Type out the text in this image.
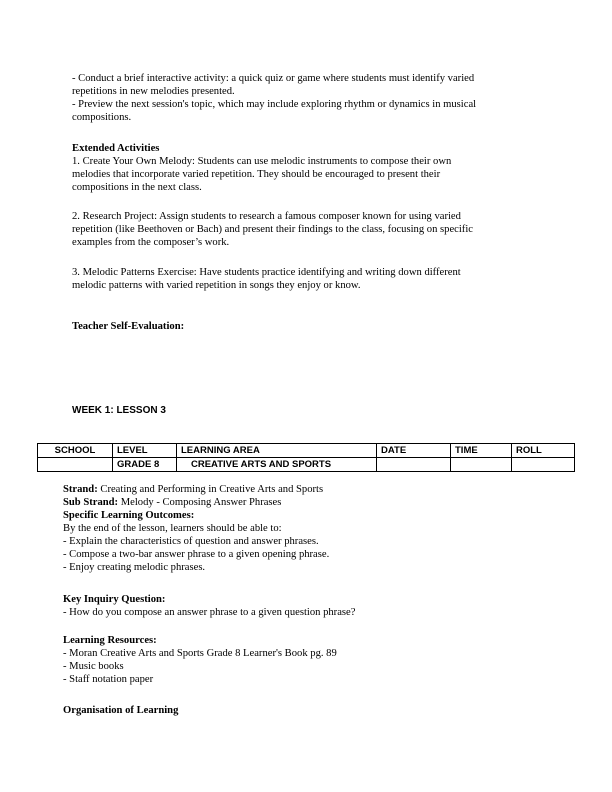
- Conduct a brief interactive activity: a quick quiz or game where students must identify varied
repetitions in new melodies presented.
- Preview the next session's topic, which may include exploring rhythm or dynamics in musical
compositions.
Extended Activities
1. Create Your Own Melody: Students can use melodic instruments to compose their own
melodies that incorporate varied repetition. They should be encouraged to present their
compositions in the next class.
2. Research Project: Assign students to research a famous composer known for using varied
repetition (like Beethoven or Bach) and present their findings to the class, focusing on specific
examples from the composer’s work.
3. Melodic Patterns Exercise: Have students practice identifying and writing down different
melodic patterns with varied repetition in songs they enjoy or know.
Teacher Self-Evaluation:
WEEK 1: LESSON 3
SCHOOL	LEVEL	LEARNING AREA	DATE	TIME	ROLL
	GRADE 8	CREATIVE ARTS AND SPORTS			
Strand: Creating and Performing in Creative Arts and Sports
Sub Strand: Melody - Composing Answer Phrases
Specific Learning Outcomes:
By the end of the lesson, learners should be able to:
- Explain the characteristics of question and answer phrases.
- Compose a two-bar answer phrase to a given opening phrase.
- Enjoy creating melodic phrases.
Key Inquiry Question:
- How do you compose an answer phrase to a given question phrase?
Learning Resources:
- Moran Creative Arts and Sports Grade 8 Learner's Book pg. 89
- Music books
- Staff notation paper
Organisation of Learning
